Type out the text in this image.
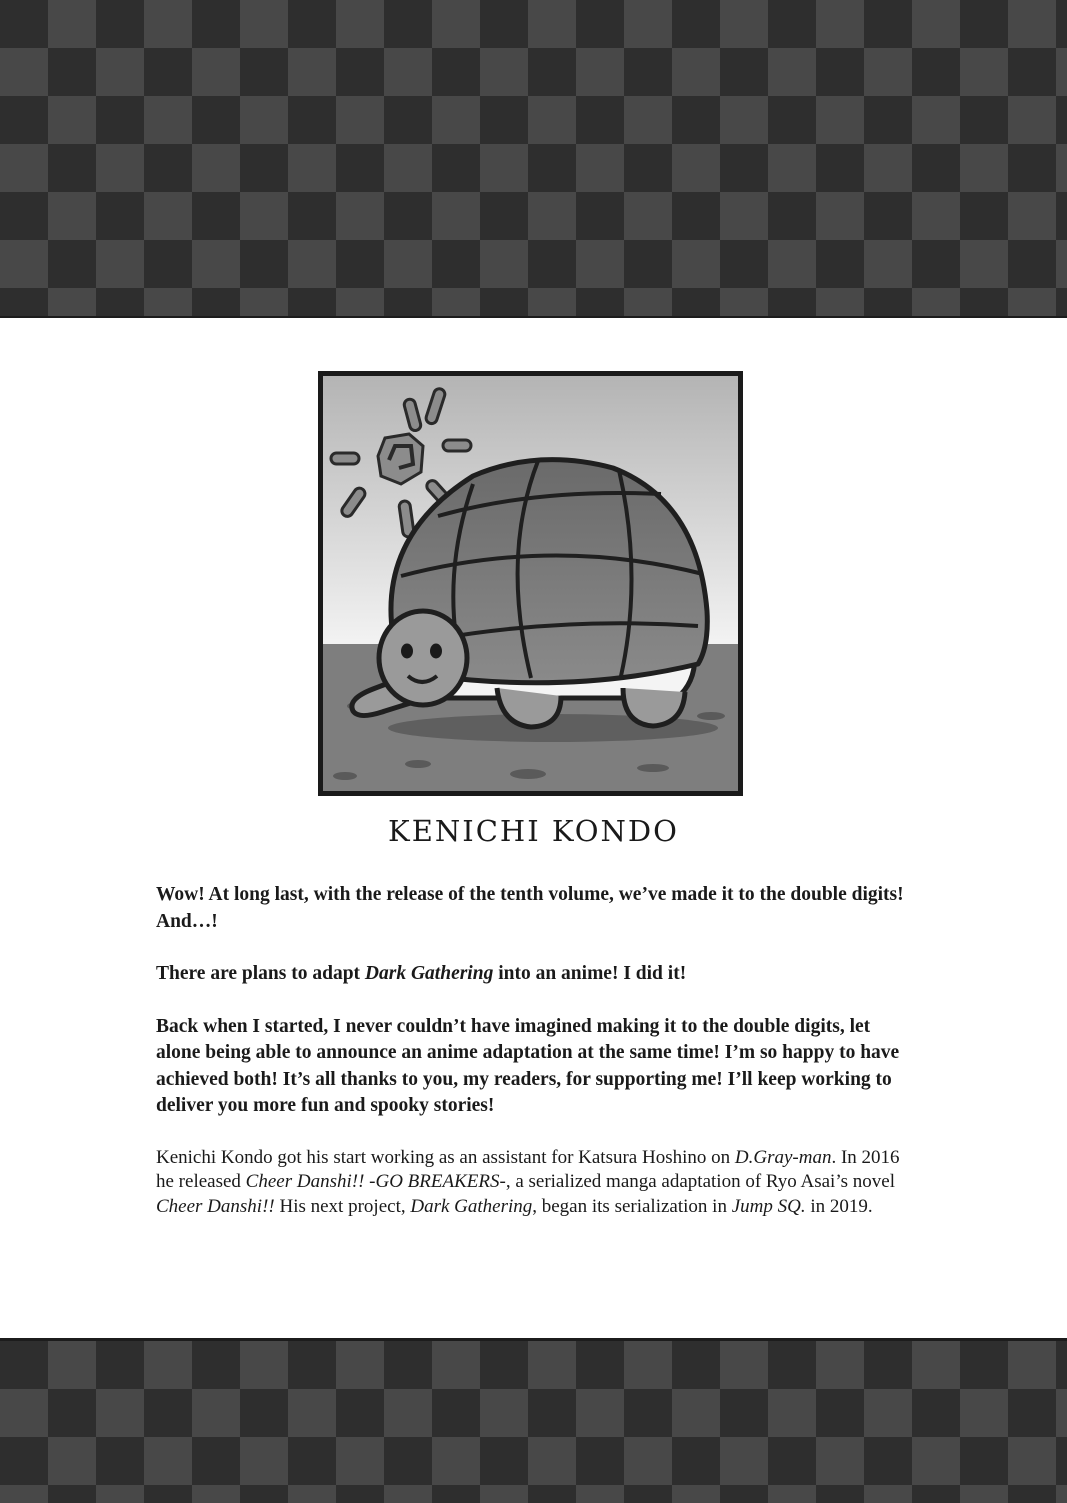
KENICHI KONDO

Wow! At long last, with the release of the tenth volume, we’ve made it to the double digits! And…!

There are plans to adapt Dark Gathering into an anime! I did it!

Back when I started, I never couldn’t have imagined making it to the double digits, let alone being able to announce an anime adaptation at the same time! I’m so happy to have achieved both! It’s all thanks to you, my readers, for supporting me! I’ll keep working to deliver you more fun and spooky stories!

Kenichi Kondo got his start working as an assistant for Katsura Hoshino on D.Gray-man. In 2016 he released Cheer Danshi!! -GO BREAKERS-, a serialized manga adaptation of Ryo Asai’s novel Cheer Danshi!! His next project, Dark Gathering, began its serialization in Jump SQ. in 2019.
